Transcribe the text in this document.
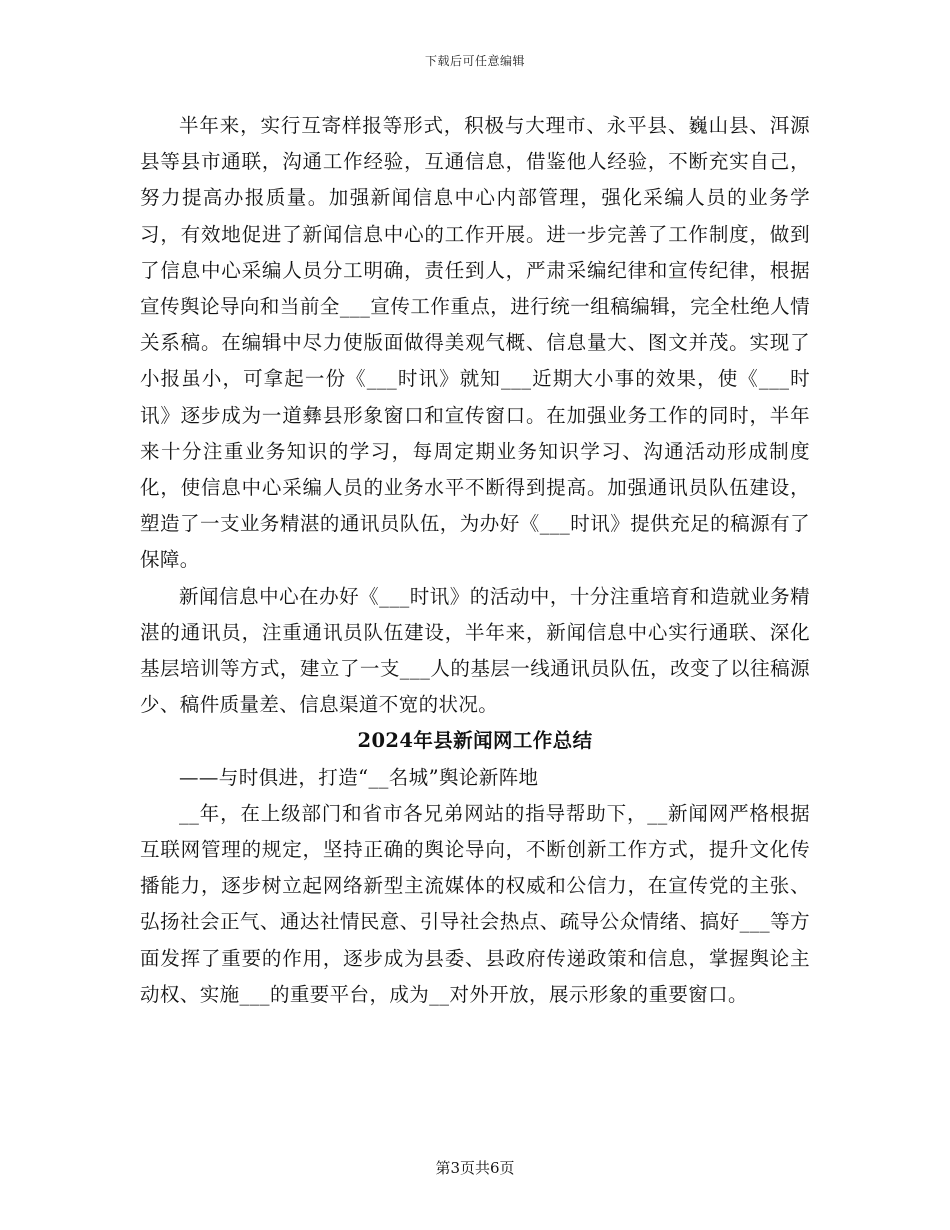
下载后可任意编辑

半年来，实行互寄样报等形式，积极与大理市、永平县、巍山县、洱源县等县市通联，沟通工作经验，互通信息，借鉴他人经验，不断充实自己，努力提高办报质量。加强新闻信息中心内部管理，强化采编人员的业务学习，有效地促进了新闻信息中心的工作开展。进一步完善了工作制度，做到了信息中心采编人员分工明确，责任到人，严肃采编纪律和宣传纪律，根据宣传舆论导向和当前全___宣传工作重点，进行统一组稿编辑，完全杜绝人情关系稿。在编辑中尽力使版面做得美观气概、信息量大、图文并茂。实现了小报虽小，可拿起一份《___时讯》就知___近期大小事的效果，使《___时讯》逐步成为一道彝县形象窗口和宣传窗口。在加强业务工作的同时，半年来十分注重业务知识的学习，每周定期业务知识学习、沟通活动形成制度化，使信息中心采编人员的业务水平不断得到提高。加强通讯员队伍建设，塑造了一支业务精湛的通讯员队伍，为办好《___时讯》提供充足的稿源有了保障。

新闻信息中心在办好《___时讯》的活动中，十分注重培育和造就业务精湛的通讯员，注重通讯员队伍建设，半年来，新闻信息中心实行通联、深化基层培训等方式，建立了一支___人的基层一线通讯员队伍，改变了以往稿源少、稿件质量差、信息渠道不宽的状况。

2024年县新闻网工作总结

——与时俱进，打造“__名城”舆论新阵地

__年，在上级部门和省市各兄弟网站的指导帮助下，__新闻网严格根据互联网管理的规定，坚持正确的舆论导向，不断创新工作方式，提升文化传播能力，逐步树立起网络新型主流媒体的权威和公信力，在宣传党的主张、弘扬社会正气、通达社情民意、引导社会热点、疏导公众情绪、搞好___等方面发挥了重要的作用，逐步成为县委、县政府传递政策和信息，掌握舆论主动权、实施___的重要平台，成为__对外开放，展示形象的重要窗口。

第3页共6页
